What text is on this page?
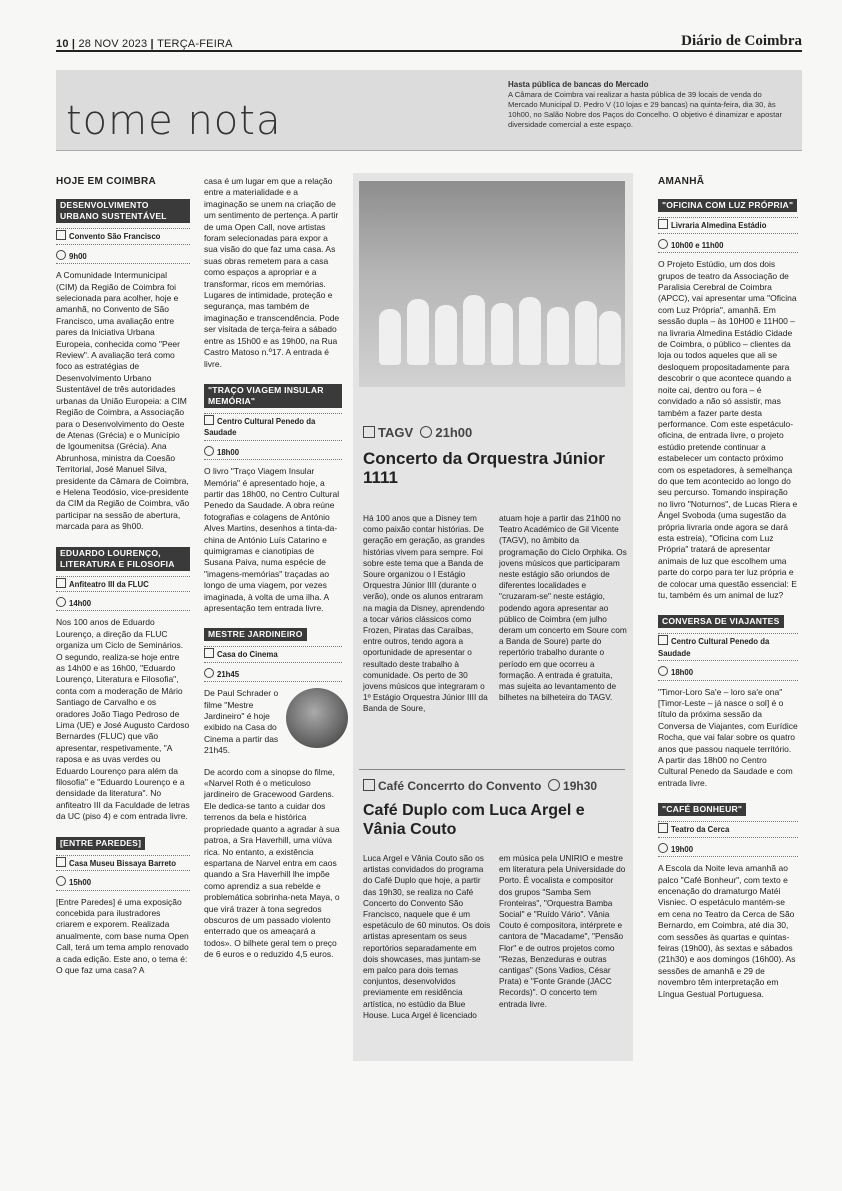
10 | 28 NOV 2023 | TERÇA-FEIRA	Diário de Coimbra
tome nota
Hasta pública de bancas do Mercado
A Câmara de Coimbra vai realizar a hasta pública de 39 locais de venda do Mercado Municipal D. Pedro V (10 lojas e 29 bancas) na quinta-feira, dia 30, às 10h00, no Salão Nobre dos Paços do Concelho. O objetivo é dinamizar e apostar diversidade comercial a este espaço.
HOJE EM COIMBRA
DESENVOLVIMENTO URBANO SUSTENTÁVEL
Convento São Francisco
9h00

A Comunidade Intermunicipal (CIM) da Região de Coimbra foi selecionada para acolher, hoje e amanhã, no Convento de São Francisco, uma avaliação entre pares da Iniciativa Urbana Europeia, conhecida como "Peer Review". A avaliação terá como foco as estratégias de Desenvolvimento Urbano Sustentável de três autoridades urbanas da União Europeia: a CIM Região de Coimbra, a Associação para o Desenvolvimento do Oeste de Atenas (Grécia) e o Município de Igoumenitsa (Grécia). Ana Abrunhosa, ministra da Coesão Territorial, José Manuel Silva, presidente da Câmara de Coimbra, e Helena Teodósio, vice-presidente da CIM da Região de Coimbra, vão participar na sessão de abertura, marcada para as 9h00.

EDUARDO LOURENÇO, LITERATURA E FILOSOFIA
Anfiteatro III da FLUC
14h00

Nos 100 anos de Eduardo Lourenço, a direção da FLUC organiza um Ciclo de Seminários. O segundo, realiza-se hoje entre as 14h00 e as 16h00, "Eduardo Lourenço, Literatura e Filosofia", conta com a moderação de Mário Santiago de Carvalho e os oradores João Tiago Pedroso de Lima (UE) e José Augusto Cardoso Bernardes (FLUC) que vão apresentar, respetivamente, "A raposa e as uvas verdes ou Eduardo Lourenço para além da filosofia" e "Eduardo Lourenço e a densidade da literatura". No anfiteatro III da Faculdade de letras da UC (piso 4) e com entrada livre.

[ENTRE PAREDES]
Casa Museu Bissaya Barreto
15h00

[Entre Paredes] é uma exposição concebida para ilustradores criarem e exporem. Realizada anualmente, com base numa Open Call, terá um tema amplo renovado a cada edição. Este ano, o tema é: O que faz uma casa? A

casa é um lugar em que a relação entre a materialidade e a imaginação se unem na criação de um sentimento de pertença. A partir de uma Open Call, nove artistas foram selecionadas para expor a sua visão do que faz uma casa. As suas obras remetem para a casa como espaços a apropriar e a transformar, ricos em memórias. Lugares de intimidade, proteção e segurança, mas também de imaginação e transcendência. Pode ser visitada de terça-feira a sábado entre as 15h00 e as 19h00, na Rua Castro Matoso n.º17. A entrada é livre.

"TRAÇO VIAGEM INSULAR MEMÓRIA"
Centro Cultural Penedo da Saudade
18h00

O livro "Traço Viagem Insular Memória" é apresentado hoje, a partir das 18h00, no Centro Cultural Penedo da Saudade. A obra reúne fotografias e colagens de António Alves Martins, desenhos a tinta-da-china de António Luís Catarino e quimigramas e cianotipias de Susana Paiva, numa espécie de "imagens-memórias" traçadas ao longo de uma viagem, por vezes imaginada, à volta de uma ilha. A apresentação tem entrada livre.

MESTRE JARDINEIRO
Casa do Cinema
21h45

De Paul Schrader o filme "Mestre Jardineiro" é hoje exibido na Casa do Cinema a partir das 21h45.

De acordo com a sinopse do filme, «Narvel Roth é o meticuloso jardineiro de Gracewood Gardens. Ele dedica-se tanto a cuidar dos terrenos da bela e histórica propriedade quanto a agradar à sua patroa, a Sra Haverhill, uma viúva rica. No entanto, a existência espartana de Narvel entra em caos quando a Sra Haverhill lhe impõe como aprendiz a sua rebelde e problemática sobrinha-neta Maya, o que virá trazer à tona segredos obscuros de um passado violento enterrado que os ameaçará a todos». O bilhete geral tem o preço de 6 euros e o reduzido 4,5 euros.

TAGV 21h00
Concerto da Orquestra Júnior 1111
Há 100 anos que a Disney tem como paixão contar histórias. De geração em geração, as grandes histórias vivem para sempre. Foi sobre este tema que a Banda de Soure organizou o I Estágio Orquestra Júnior IIII (durante o verão), onde os alunos entraram na magia da Disney, aprendendo a tocar vários clássicos como Frozen, Piratas das Caraíbas, entre outros, tendo agora a oportunidade de apresentar o resultado deste trabalho à comunidade. Os perto de 30 jovens músicos que integraram o 1º Estágio Orquestra Júnior IIII da Banda de Soure,
atuam hoje a partir das 21h00 no Teatro Académico de Gil Vicente (TAGV), no âmbito da programação do Ciclo Orphika. Os jovens músicos que participaram neste estágio são oriundos de diferentes localidades e "cruzaram-se" neste estágio, podendo agora apresentar ao público de Coimbra (em julho deram um concerto em Soure com a Banda de Soure) parte do repertório trabalho durante o período em que ocorreu a formação. A entrada é gratuita, mas sujeita ao levantamento de bilhetes na bilheteira do TAGV.
Café Concerrto do Convento 19h30
Café Duplo com Luca Argel e Vânia Couto
Luca Argel e Vânia Couto são os artistas convidados do programa do Café Duplo que hoje, a partir das 19h30, se realiza no Café Concerto do Convento São Francisco, naquele que é um espetáculo de 60 minutos. Os dois artistas apresentam os seus reportórios separadamente em dois showcases, mas juntam-se em palco para dois temas conjuntos, desenvolvidos previamente em residência artística, no estúdio da Blue House. Luca Argel é licenciado
em música pela UNIRIO e mestre em literatura pela Universidade do Porto. É vocalista e compositor dos grupos "Samba Sem Fronteiras", "Orquestra Bamba Social" e "Ruído Vário". Vânia Couto é compositora, intérprete e cantora de "Macadame", "Pensão Flor" e de outros projetos como "Rezas, Benzeduras e outras cantigas" (Sons Vadios, César Prata) e "Fonte Grande (JACC Records)". O concerto tem entrada livre.
AMANHÃ
"OFICINA COM LUZ PRÓPRIA"
Livraria Almedina Estádio
10h00 e 11h00

O Projeto Estúdio, um dos dois grupos de teatro da Associação de Paralisia Cerebral de Coimbra (APCC), vai apresentar uma "Oficina com Luz Própria", amanhã. Em sessão dupla – às 10H00 e 11H00 – na livraria Almedina Estádio Cidade de Coimbra, o público – clientes da loja ou todos aqueles que ali se desloquem propositadamente para descobrir o que acontece quando a noite cai, dentro ou fora – é convidado a não só assistir, mas também a fazer parte desta performance. Com este espetáculo-oficina, de entrada livre, o projeto estúdio pretende continuar a estabelecer um contacto próximo com os espetadores, à semelhança do que tem acontecido ao longo do seu percurso. Tomando inspiração no livro "Noturnos", de Lucas Riera e Ángel Svoboda (uma sugestão da própria livraria onde agora se dará esta estreia), "Oficina com Luz Própria" tratará de apresentar animais de luz que escolhem uma parte do corpo para ter luz própria e de colocar uma questão essencial: E tu, também és um animal de luz?

CONVERSA DE VIAJANTES
Centro Cultural Penedo da Saudade
18h00

"Timor-Loro Sa'e – loro sa'e ona" [Timor-Leste – já nasce o sol] é o título da próxima sessão da Conversa de Viajantes, com Eurídice Rocha, que vai falar sobre os quatro anos que passou naquele território. A partir das 18h00 no Centro Cultural Penedo da Saudade e com entrada livre.

"CAFÉ BONHEUR"
Teatro da Cerca
19h00

A Escola da Noite leva amanhã ao palco "Café Bonheur", com texto e encenação do dramaturgo Matéi Visniec. O espetáculo mantém-se em cena no Teatro da Cerca de São Bernardo, em Coimbra, até dia 30, com sessões às quartas e quintas-feiras (19h00), às sextas e sábados (21h30) e aos domingos (16h00). As sessões de amanhã e 29 de novembro têm interpretação em Língua Gestual Portuguesa.
